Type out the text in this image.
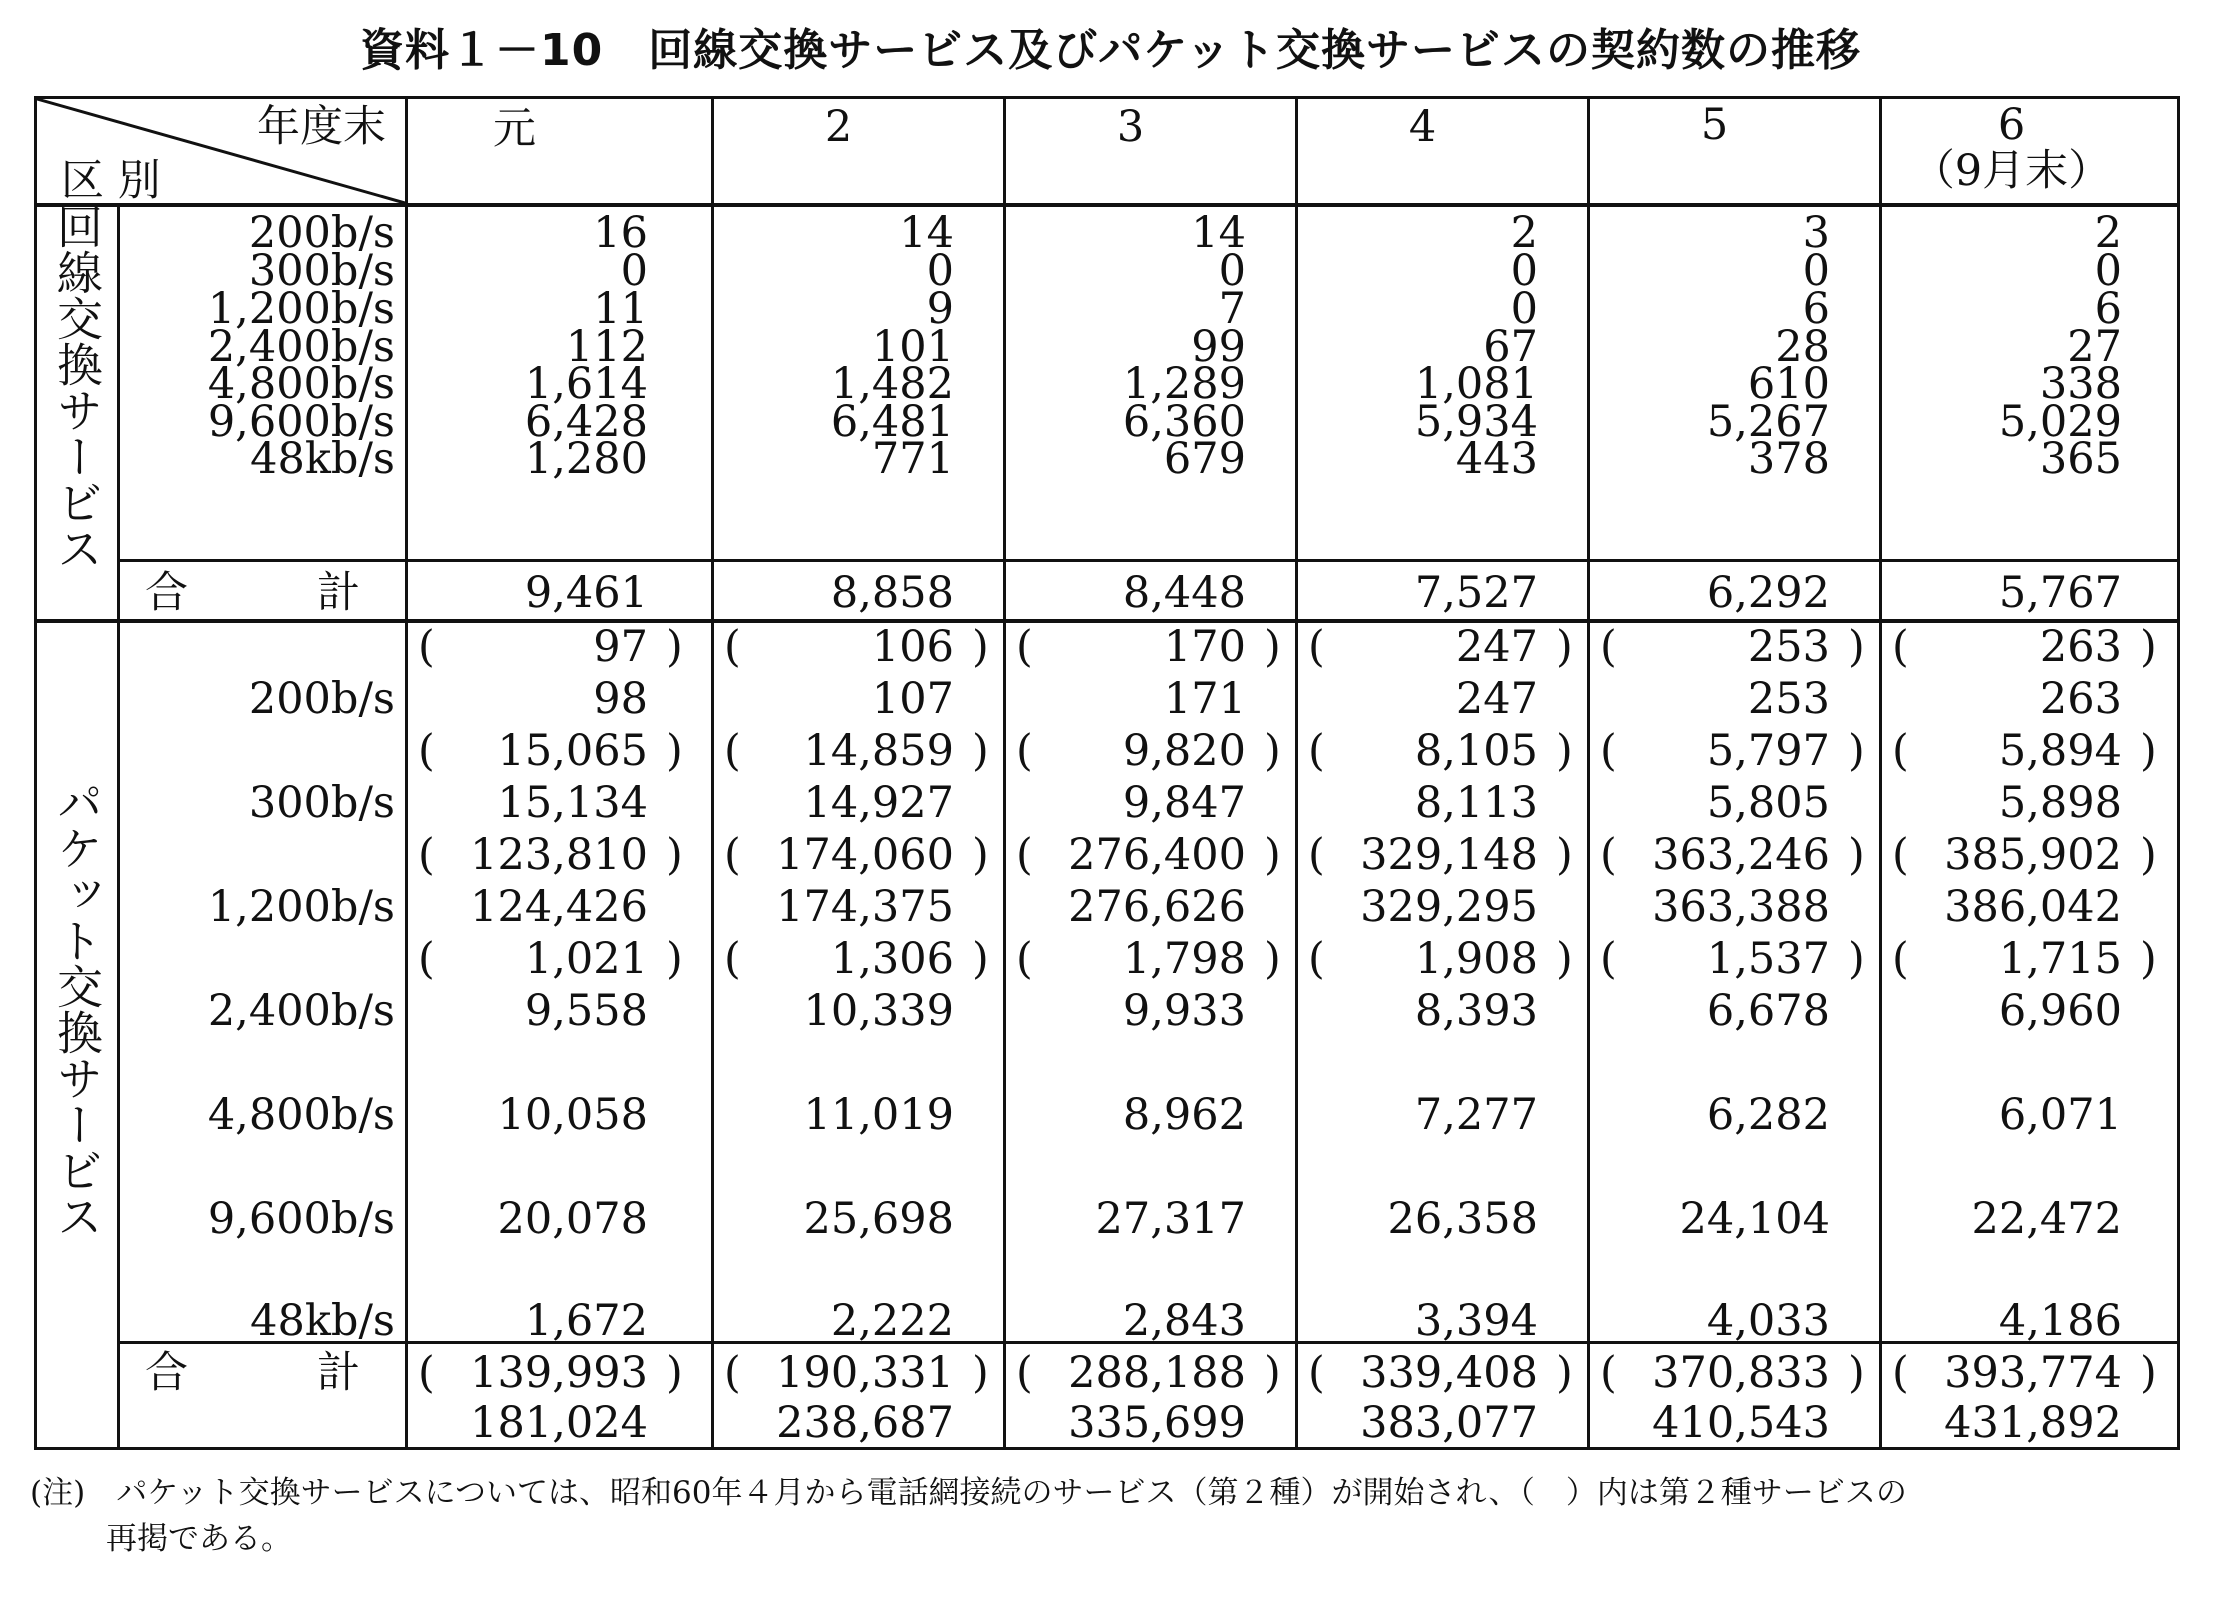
資料１－10　回線交換サービス及びパケット交換サービスの契約数の推移
年度末
区 別
元	2	3	4	5	6
（9月末）
回線交換サービス
パケット交換サービス
200b/s	16	14	14	2	3	2
300b/s	0	0	0	0	0	0
1,200b/s	11	9	7	0	6	6
2,400b/s	112	101	99	67	28	27
4,800b/s	1,614	1,482	1,289	1,081	610	338
9,600b/s	6,428	6,481	6,360	5,934	5,267	5,029
48kb/s	1,280	771	679	443	378	365
合　　　計	9,461	8,858	8,448	7,527	6,292	5,767
200b/s
(	97 ) (	106 ) (	170 ) (	247 ) (	253 ) (	263 )
98	107	171	247	253	263
300b/s
(	15,065 ) (	14,859 ) (	9,820 ) (	8,105 ) (	5,797 ) (	5,894 )
15,134	14,927	9,847	8,113	5,805	5,898
1,200b/s
( 123,810 ) ( 174,060 ) ( 276,400 ) ( 329,148 ) ( 363,246 ) ( 385,902 )
124,426	174,375	276,626	329,295	363,388	386,042
2,400b/s
(	1,021 ) (	1,306 ) (	1,798 ) (	1,908 ) (	1,537 ) (	1,715 )
9,558	10,339	9,933	8,393	6,678	6,960
4,800b/s	10,058	11,019	8,962	7,277	6,282	6,071
9,600b/s	20,078	25,698	27,317	26,358	24,104	22,472
48kb/s	1,672	2,222	2,843	3,394	4,033	4,186
合　　　計 ( 139,993 ) ( 190,331 ) ( 288,188 ) ( 339,408 ) ( 370,833 ) ( 393,774 )
181,024	238,687	335,699	383,077	410,543	431,892
(注)　パケット交換サービスについては、昭和60年４月から電話網接続のサービス（第２種）が開始され、（　）内は第２種サービスの
再掲である。
